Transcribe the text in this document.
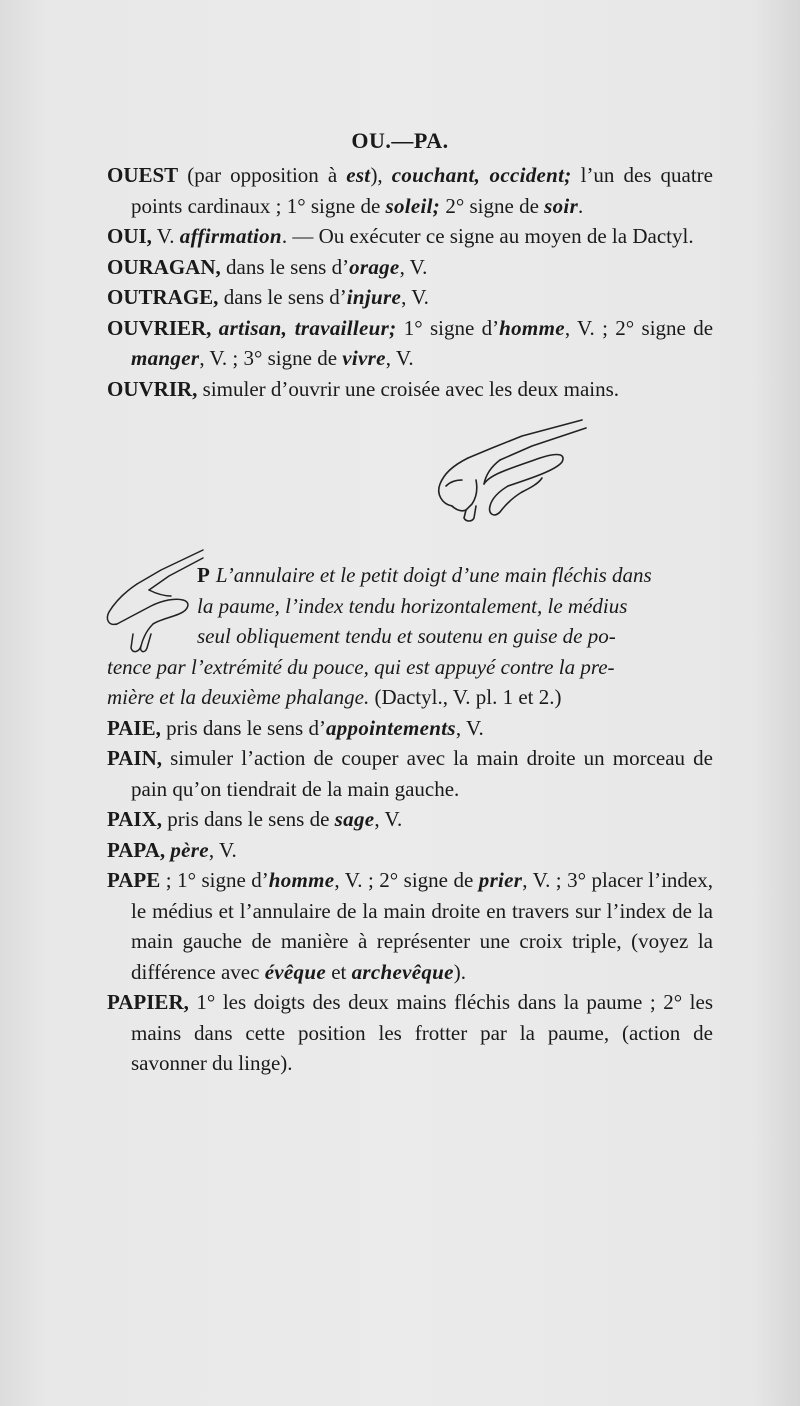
OU.—PA.

OUEST (par opposition à est), couchant, occident; l’un des quatre points cardinaux ; 1° signe de soleil; 2° signe de soir.

OUI, V. affirmation. — Ou exécuter ce signe au moyen de la Dactyl.

OURAGAN, dans le sens d’orage, V.

OUTRAGE, dans le sens d’injure, V.

OUVRIER, artisan, travailleur; 1° signe d’homme, V. ; 2° signe de manger, V. ; 3° signe de vivre, V.

OUVRIR, simuler d’ouvrir une croisée avec les deux mains.

P L’annulaire et le petit doigt d’une main fléchis dans

la paume, l’index tendu horizontalement, le médius

seul obliquement tendu et soutenu en guise de po-

tence par l’extrémité du pouce, qui est appuyé contre la pre-

mière et la deuxième phalange. (Dactyl., V. pl. 1 et 2.)

PAIE, pris dans le sens d’appointements, V.

PAIN, simuler l’action de couper avec la main droite un morceau de pain qu’on tiendrait de la main gauche.

PAIX, pris dans le sens de sage, V.

PAPA, père, V.

PAPE ; 1° signe d’homme, V. ; 2° signe de prier, V. ; 3° placer l’index, le médius et l’annulaire de la main droite en travers sur l’index de la main gauche de manière à représenter une croix triple, (voyez la différence avec évêque et archevêque).

PAPIER, 1° les doigts des deux mains fléchis dans la paume ; 2° les mains dans cette position les frotter par la paume, (action de savonner du linge).
